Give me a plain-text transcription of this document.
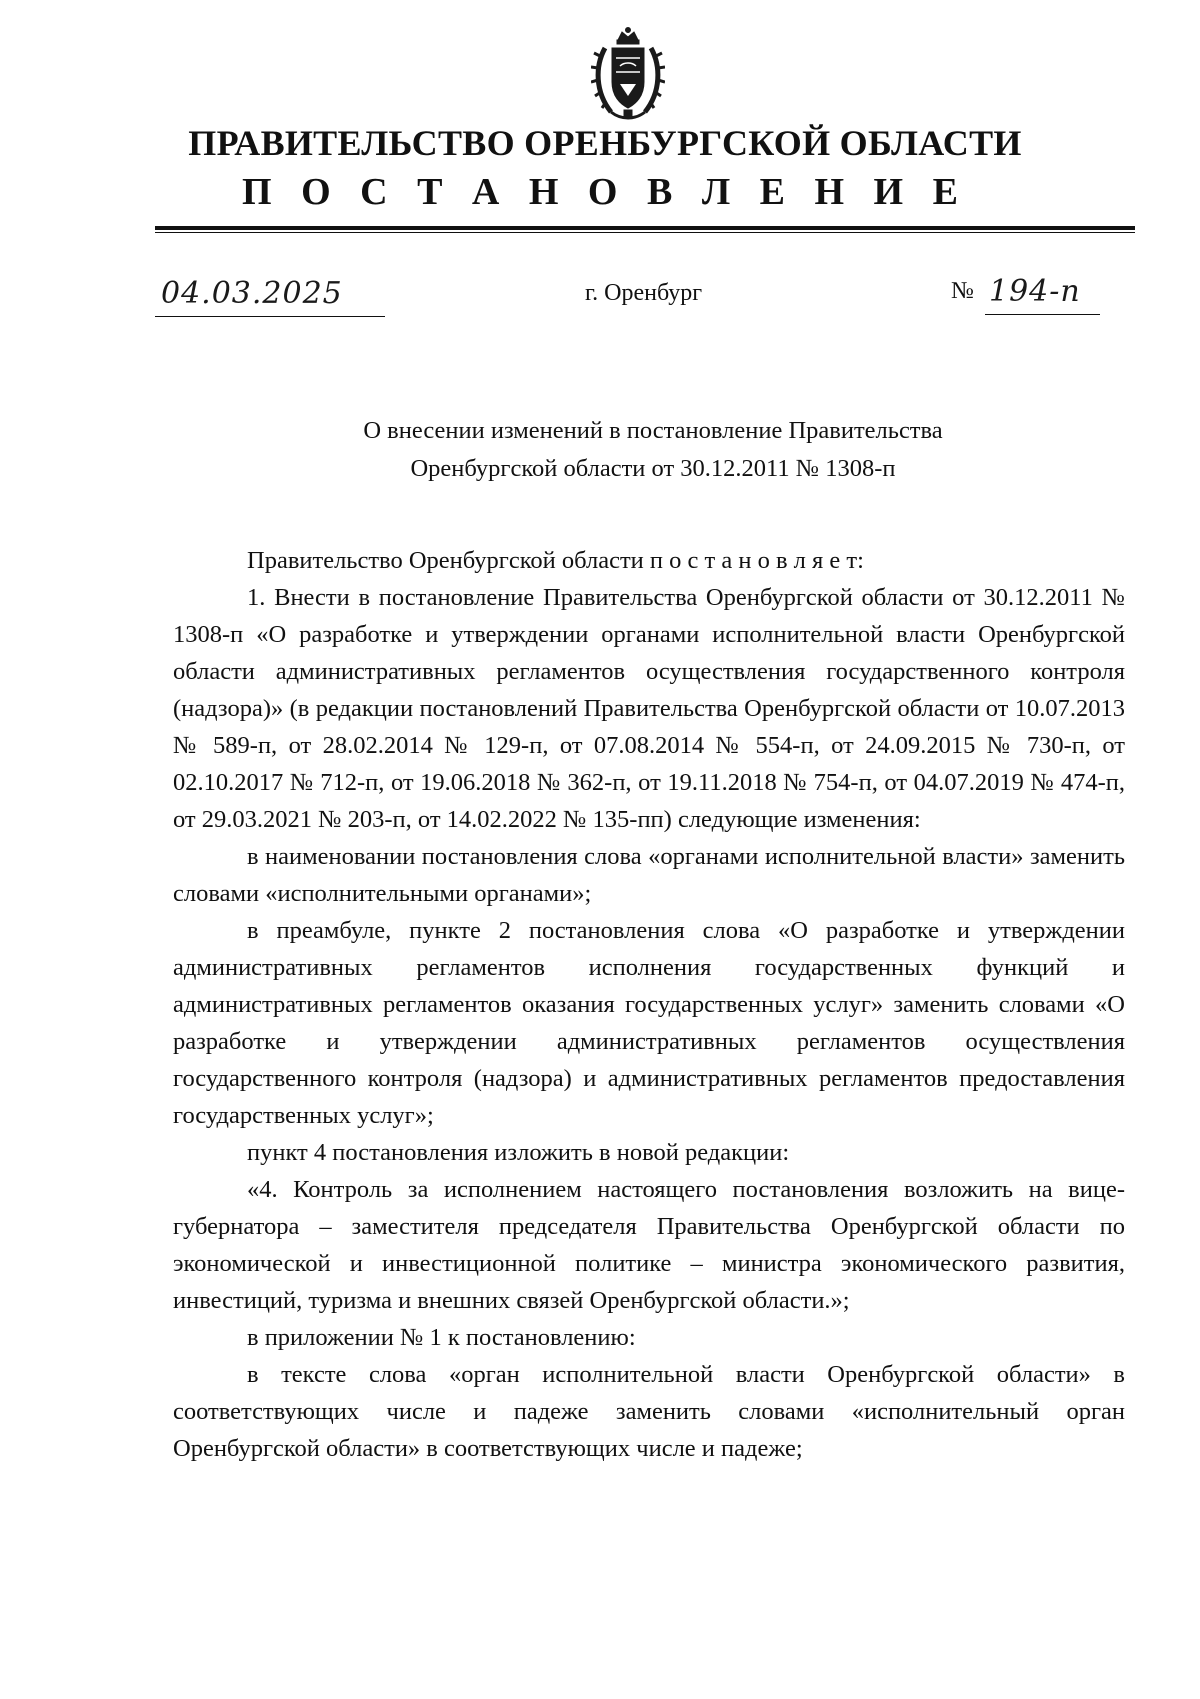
ПРАВИТЕЛЬСТВО ОРЕНБУРГСКОЙ ОБЛАСТИ
П О С Т А Н О В Л Е Н И Е
04.03.2025	г. Оренбург	№ 194-п
О внесении изменений в постановление Правительства
Оренбургской области от 30.12.2011 № 1308-п

Правительство Оренбургской области п о с т а н о в л я е т:

1. Внести в постановление Правительства Оренбургской области от 30.12.2011 № 1308-п «О разработке и утверждении органами исполнительной власти Оренбургской области административных регламентов осуществления государственного контроля (надзора)» (в редакции постановлений Правительства Оренбургской области от 10.07.2013 № 589-п, от 28.02.2014 № 129-п, от 07.08.2014 № 554-п, от 24.09.2015 № 730-п, от 02.10.2017 № 712-п, от 19.06.2018 № 362-п, от 19.11.2018 № 754-п, от 04.07.2019 № 474-п, от 29.03.2021 № 203-п, от 14.02.2022 № 135-пп) следующие изменения:

в наименовании постановления слова «органами исполнительной власти» заменить словами «исполнительными органами»;

в преамбуле, пункте 2 постановления слова «О разработке и утверждении административных регламентов исполнения государственных функций и административных регламентов оказания государственных услуг» заменить словами «О разработке и утверждении административных регламентов осуществления государственного контроля (надзора) и административных регламентов предоставления государственных услуг»;

пункт 4 постановления изложить в новой редакции:

«4. Контроль за исполнением настоящего постановления возложить на вице-губернатора – заместителя председателя Правительства Оренбургской области по экономической и инвестиционной политике – министра экономического развития, инвестиций, туризма и внешних связей Оренбургской области.»;

в приложении № 1 к постановлению:

в тексте слова «орган исполнительной власти Оренбургской области» в соответствующих числе и падеже заменить словами «исполнительный орган Оренбургской области» в соответствующих числе и падеже;
